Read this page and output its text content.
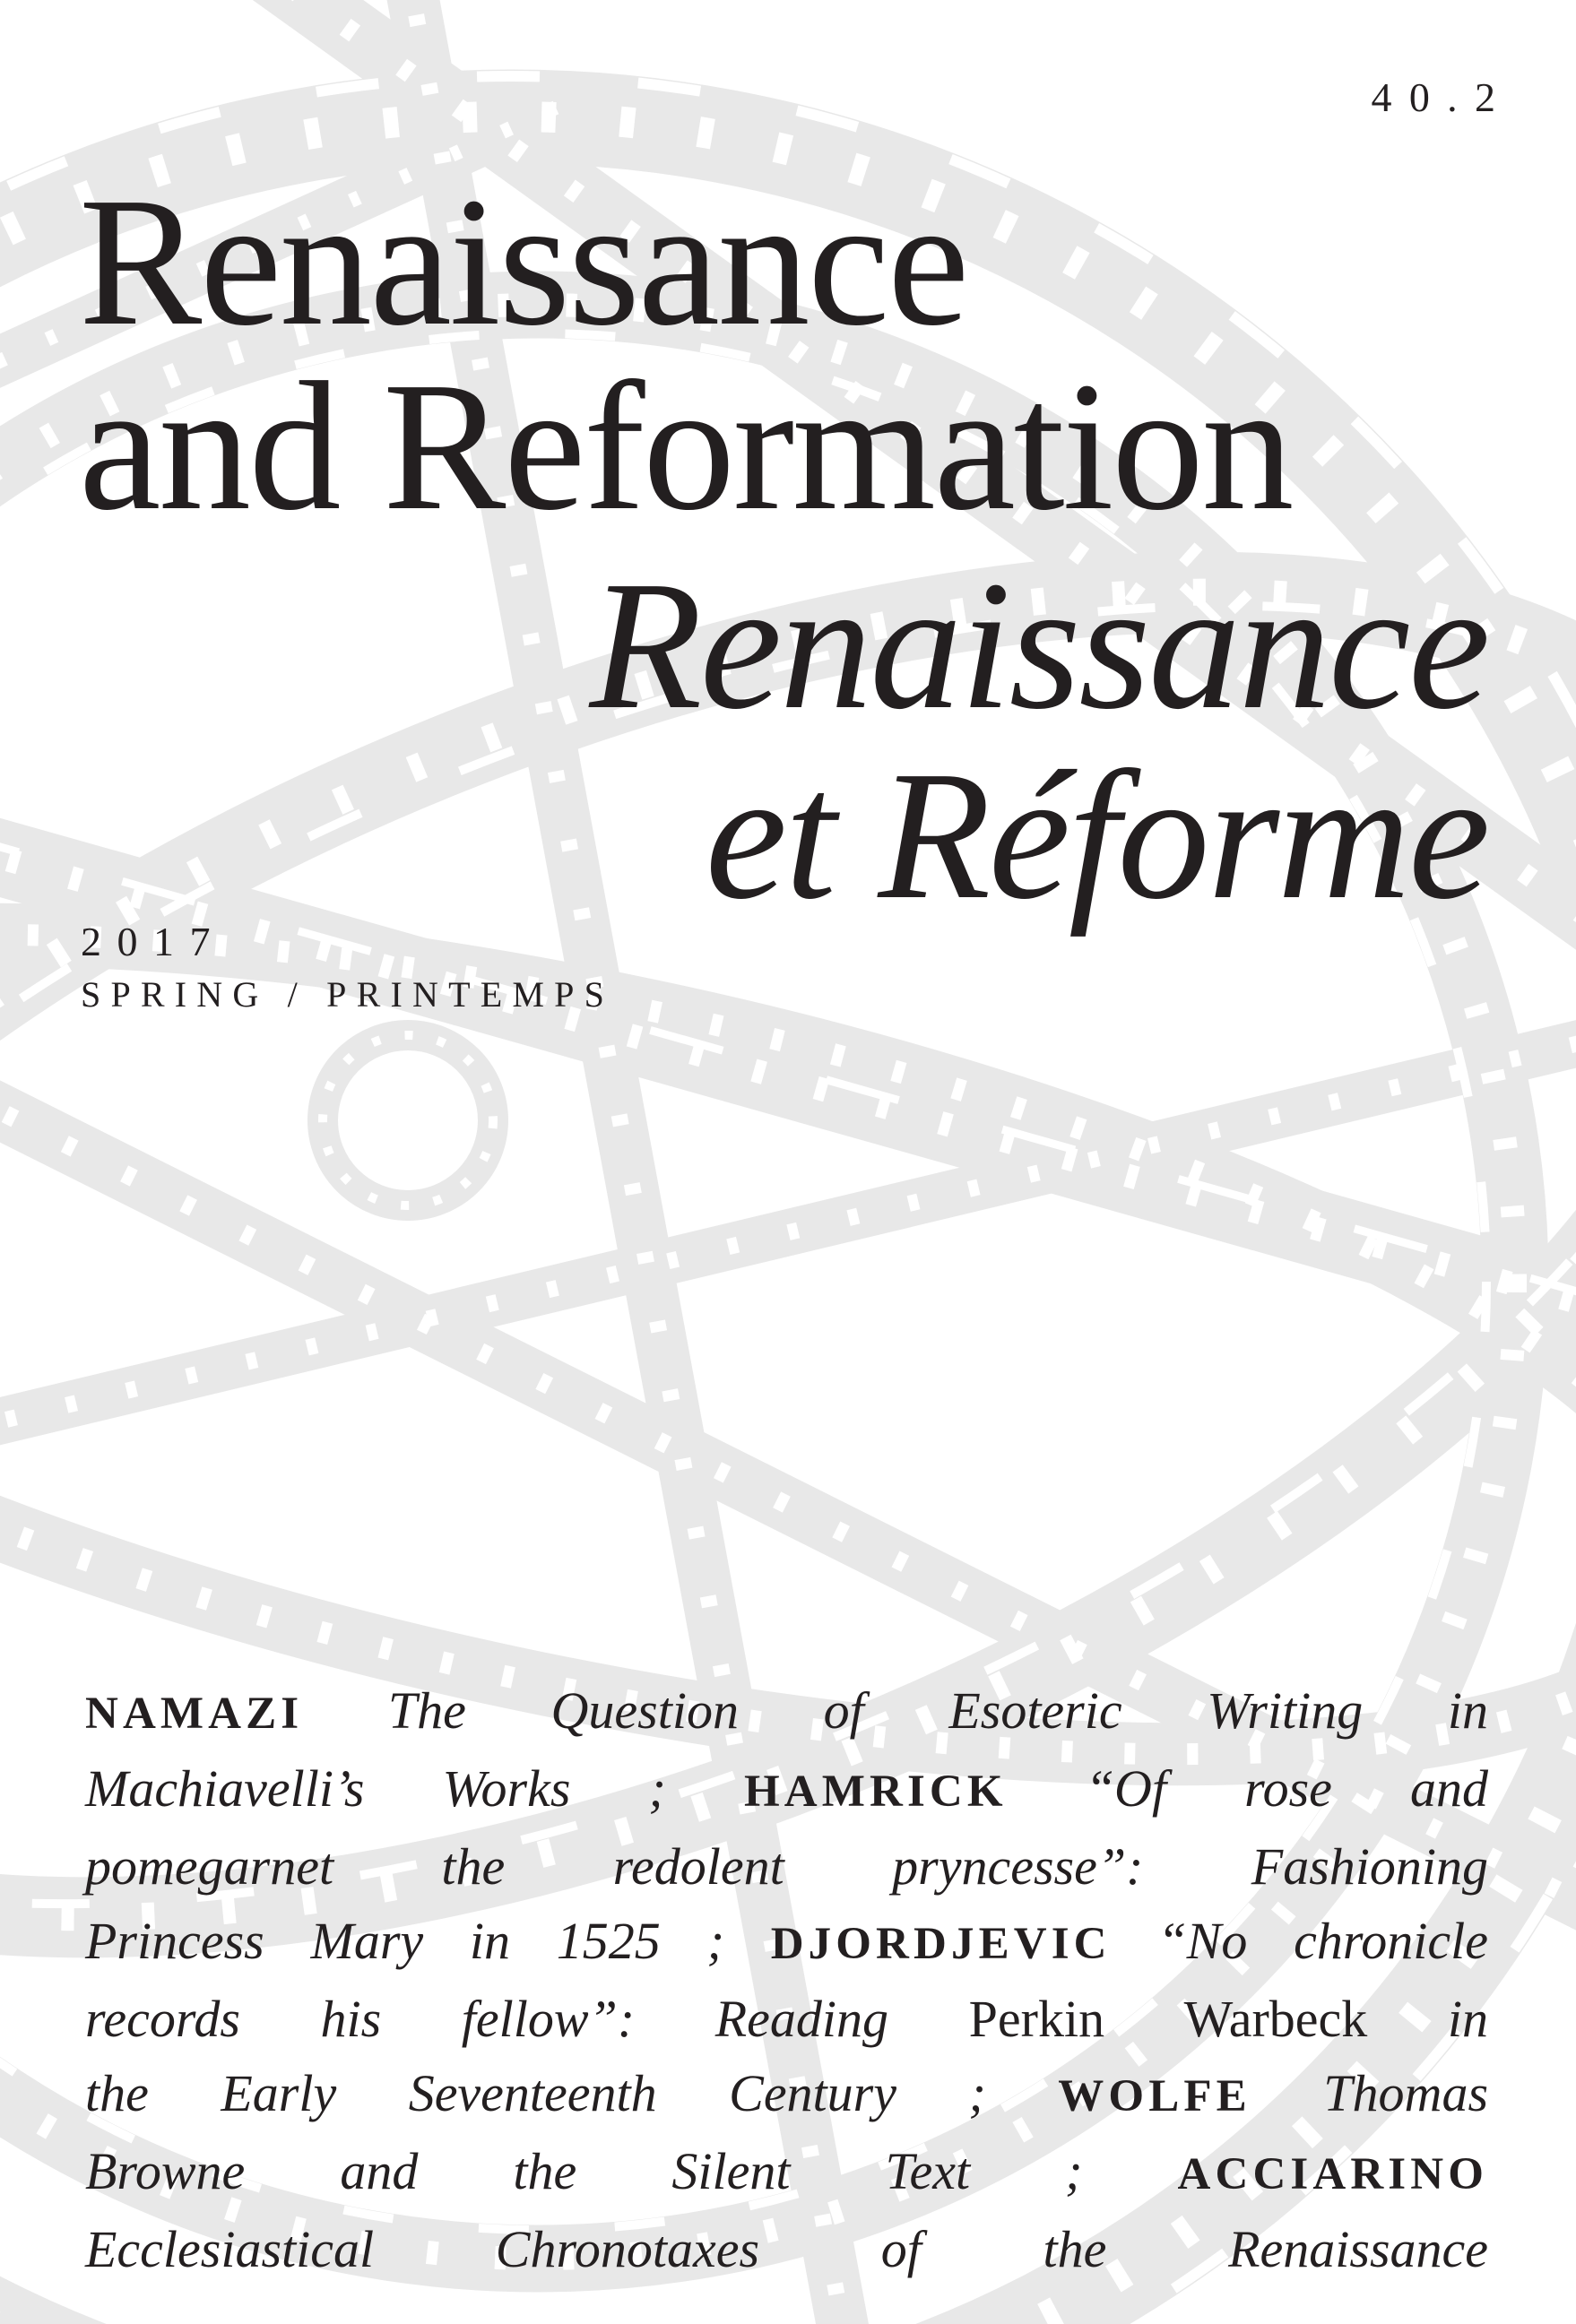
40.2
Renaissance
and Reformation
Renaissance
et Réforme
2017
SPRING / PRINTEMPS
NAMAZI The Question of Esoteric Writing in
Machiavelli’s Works ; HAMRICK “Of rose and
pomegarnet the redolent pryncesse”: Fashioning
Princess Mary in 1525 ; DJORDJEVIC “No chronicle
records his fellow”: Reading Perkin Warbeck in
the Early Seventeenth Century ; WOLFE Thomas
Browne and the Silent Text ; ACCIARINO
Ecclesiastical Chronotaxes of the Renaissance
